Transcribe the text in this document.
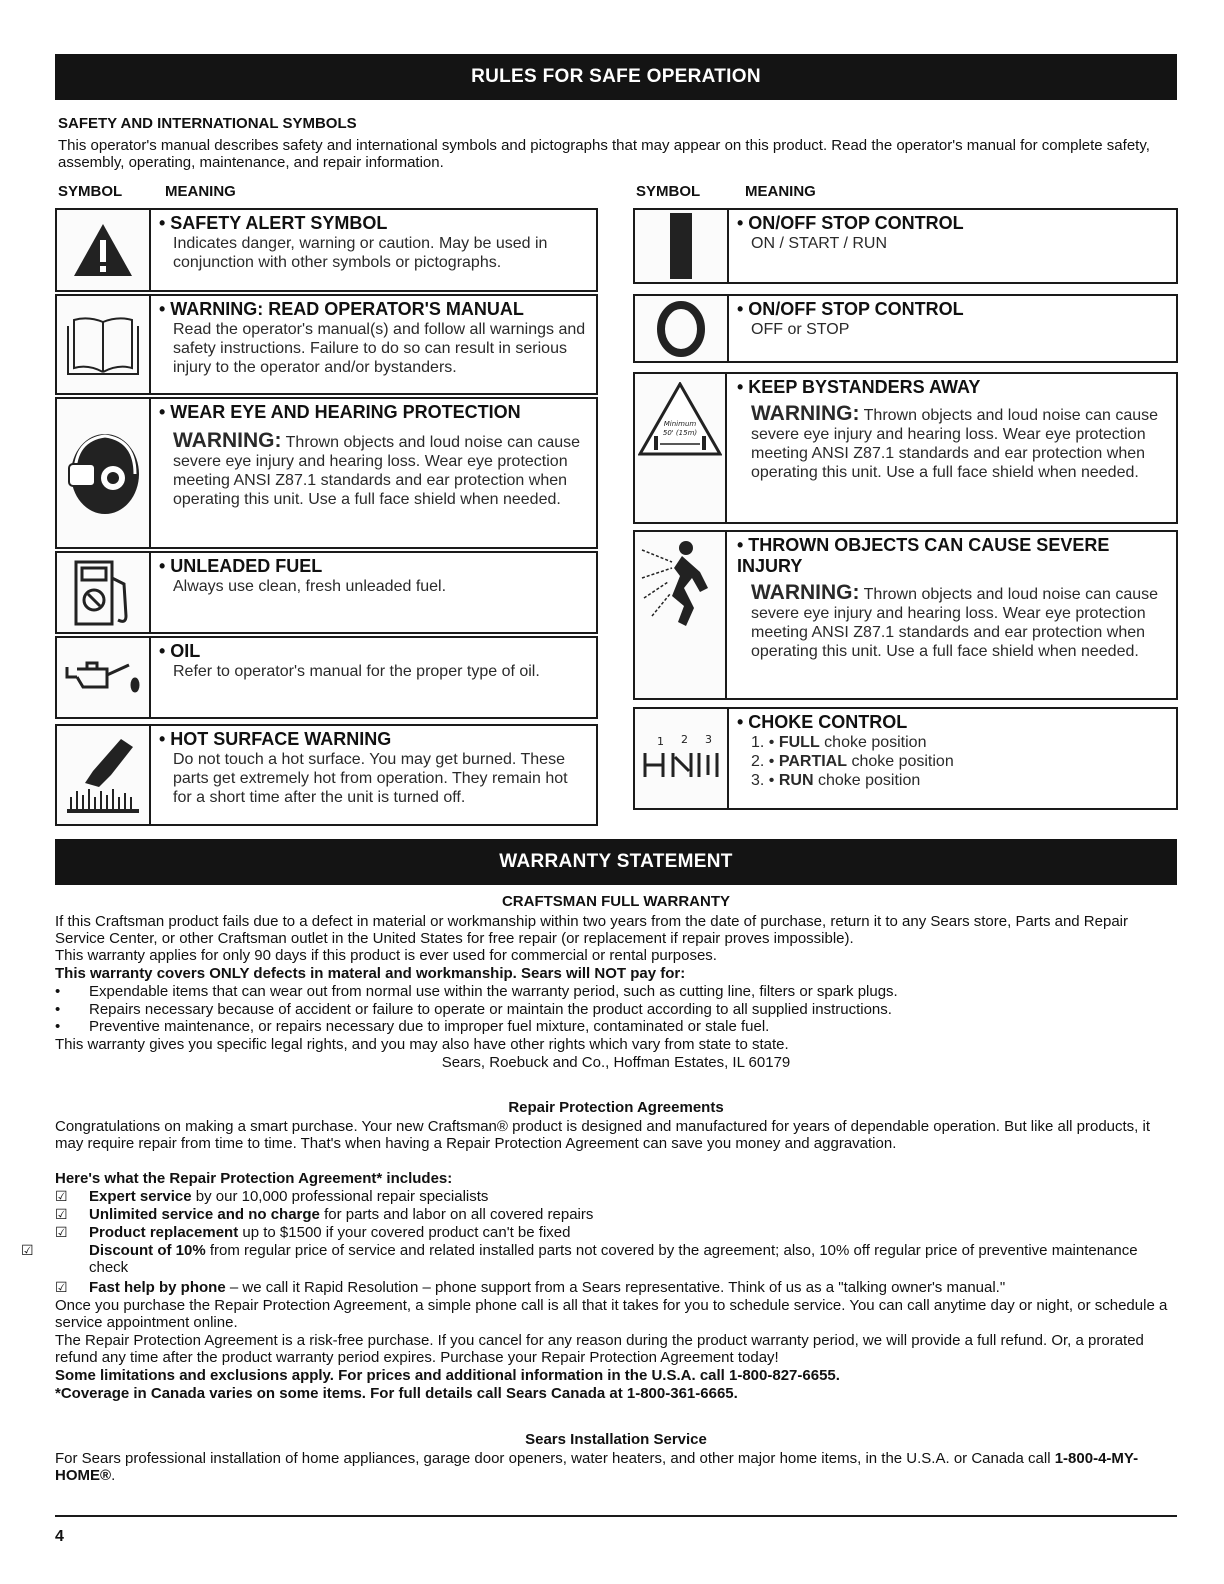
RULES FOR SAFE OPERATION
SAFETY AND INTERNATIONAL SYMBOLS
This operator's manual describes safety and international symbols and pictographs that may appear on this product. Read the operator's manual for complete safety, assembly, operating, maintenance, and repair information.
SYMBOL	MEANING	SYMBOL	MEANING
• SAFETY ALERT SYMBOL
Indicates danger, warning or caution. May be used in conjunction with other symbols or pictographs.
• WARNING: READ OPERATOR'S MANUAL
Read the operator's manual(s) and follow all warnings and safety instructions. Failure to do so can result in serious injury to the operator and/or bystanders.
• WEAR EYE AND HEARING PROTECTION
WARNING: Thrown objects and loud noise can cause severe eye injury and hearing loss. Wear eye protection meeting ANSI Z87.1 standards and ear protection when operating this unit. Use a full face shield when needed.
• UNLEADED FUEL
Always use clean, fresh unleaded fuel.
• OIL
Refer to operator's manual for the proper type of oil.
• HOT SURFACE WARNING
Do not touch a hot surface. You may get burned. These parts get extremely hot from operation. They remain hot for a short time after the unit is turned off.
• ON/OFF STOP CONTROL
ON / START / RUN
• ON/OFF STOP CONTROL
OFF or STOP
Minimum
50' (15m)
• KEEP BYSTANDERS AWAY
WARNING: Thrown objects and loud noise can cause severe eye injury and hearing loss. Wear eye protection meeting ANSI Z87.1 standards and ear protection when operating this unit. Use a full face shield when needed.
• THROWN OBJECTS CAN CAUSE SEVERE INJURY
WARNING: Thrown objects and loud noise can cause severe eye injury and hearing loss. Wear eye protection meeting ANSI Z87.1 standards and ear protection when operating this unit. Use a full face shield when needed.
1 2 3
• CHOKE CONTROL
1. • FULL choke position
2. • PARTIAL choke position
3. • RUN choke position
WARRANTY STATEMENT
CRAFTSMAN FULL WARRANTY
If this Craftsman product fails due to a defect in material or workmanship within two years from the date of purchase, return it to any Sears store, Parts and Repair Service Center, or other Craftsman outlet in the United States for free repair (or replacement if repair proves impossible).
This warranty applies for only 90 days if this product is ever used for commercial or rental purposes.
This warranty covers ONLY defects in materal and workmanship. Sears will NOT pay for:
• Expendable items that can wear out from normal use within the warranty period, such as cutting line, filters or spark plugs.
• Repairs necessary because of accident or failure to operate or maintain the product according to all supplied instructions.
• Preventive maintenance, or repairs necessary due to improper fuel mixture, contaminated or stale fuel.
This warranty gives you specific legal rights, and you may also have other rights which vary from state to state.
Sears, Roebuck and Co., Hoffman Estates, IL 60179
Repair Protection Agreements
Congratulations on making a smart purchase. Your new Craftsman® product is designed and manufactured for years of dependable operation. But like all products, it may require repair from time to time. That's when having a Repair Protection Agreement can save you money and aggravation.
Here's what the Repair Protection Agreement* includes:
☑ Expert service by our 10,000 professional repair specialists
☑ Unlimited service and no charge for parts and labor on all covered repairs
☑ Product replacement up to $1500 if your covered product can't be fixed
☑	Discount of 10% from regular price of service and related installed parts not covered by the agreement; also, 10% off regular price of preventive maintenance check
☑ Fast help by phone – we call it Rapid Resolution – phone support from a Sears representative. Think of us as a "talking owner's manual."
Once you purchase the Repair Protection Agreement, a simple phone call is all that it takes for you to schedule service. You can call anytime day or night, or schedule a service appointment online.
The Repair Protection Agreement is a risk-free purchase. If you cancel for any reason during the product warranty period, we will provide a full refund. Or, a prorated refund any time after the product warranty period expires. Purchase your Repair Protection Agreement today!
Some limitations and exclusions apply. For prices and additional information in the U.S.A. call 1-800-827-6655.
*Coverage in Canada varies on some items. For full details call Sears Canada at 1-800-361-6665.
Sears Installation Service
For Sears professional installation of home appliances, garage door openers, water heaters, and other major home items, in the U.S.A. or Canada call 1-800-4-MY-HOME®.
4
